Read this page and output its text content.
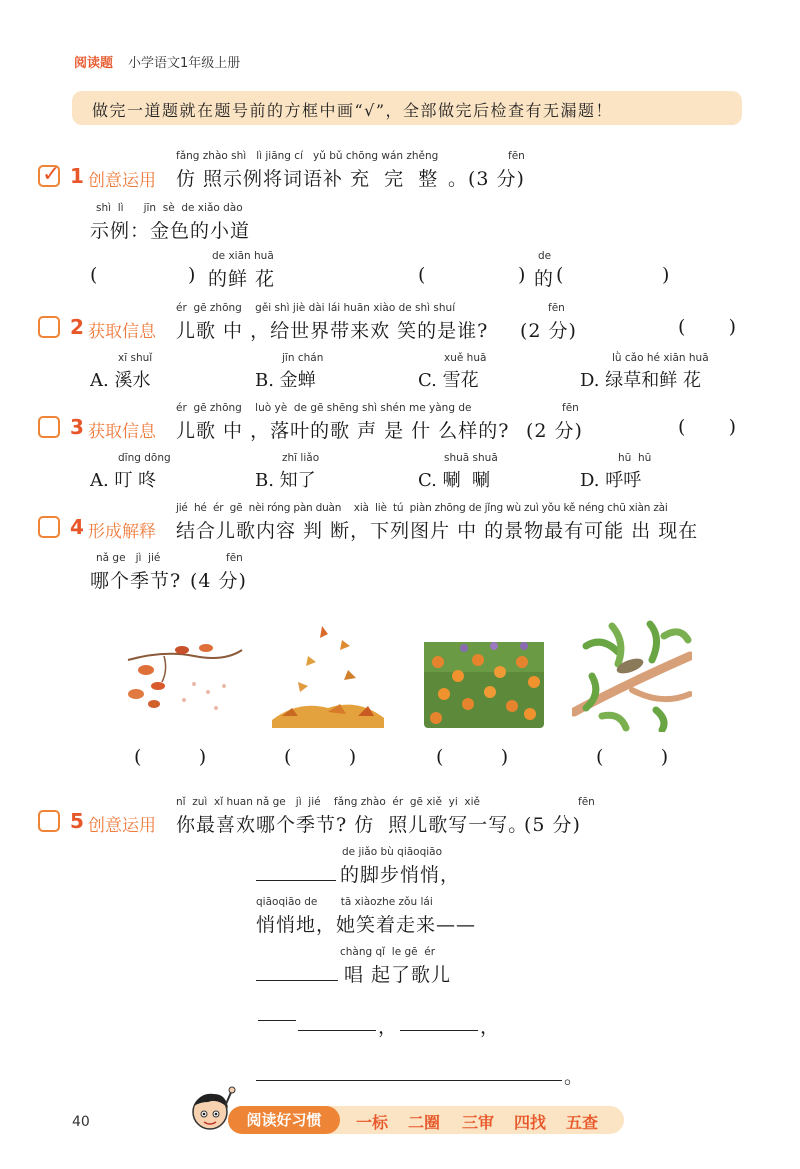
阅读题 小学语文1年级上册
做完一道题就在题号前的方框中画“√”，全部做完后检查有无漏题！
✓ 1 创意运用
fǎng zhào shì   lì jiāng cí   yǔ bǔ chōng wán zhěng
仿 照示例将词语补 充  完  整
fēn
。(3 分)
shì  lì      jīn  sè  de xiǎo dào
示例：金色的小道
(	)
de xiān huā
的鲜 花	(	)
de
的 (	)
2 获取信息
ér  gē zhōng    gěi shì jiè dài lái huān xiào de shì shuí
儿歌 中 ，给世界带来欢 笑的是谁?
fēn
(2 分)	(      )
xī shuǐ
A. 溪水
jīn chán
B. 金蝉
xuě huā
C. 雪花
lǜ cǎo hé xiān huā
D. 绿草和鲜 花
3 获取信息
ér  gē zhōng    luò yè  de gē shēng shì shén me yàng de
儿歌 中 ，落叶的歌 声 是 什 么样的?
fēn
(2 分)	(      )
dīng dōng
A. 叮 咚
zhī liǎo
B. 知了
shuā shuā
C. 唰  唰
hū  hū
D. 呼呼
4 形成解释
jié  hé  ér  gē  nèi róng pàn duàn    xià  liè  tú  piàn zhōng de jǐng wù zuì yǒu kě néng chū xiàn zài
结合儿歌内容 判 断，下列图片 中 的景物最有可能 出 现在
nǎ ge   jì  jié
哪个季节?
fēn
(4 分)
(        )	(        )	(        )	(        )
5 创意运用
nǐ  zuì  xǐ huan nǎ ge   jì  jié    fǎng zhào  ér  gē xiě  yi  xiě
你最喜欢哪个季节? 仿  照儿歌写一写。
fēn
(5 分)
de jiǎo bù qiāoqiāo
的脚步悄悄，
qiāoqiāo de       tā xiàozhe zǒu lái
悄悄地，她笑着走来——
chàng qǐ  le gē  ér
唱 起了歌儿
，	，
。
40	阅读好习惯	一标 二圈 三审 四找 五查
